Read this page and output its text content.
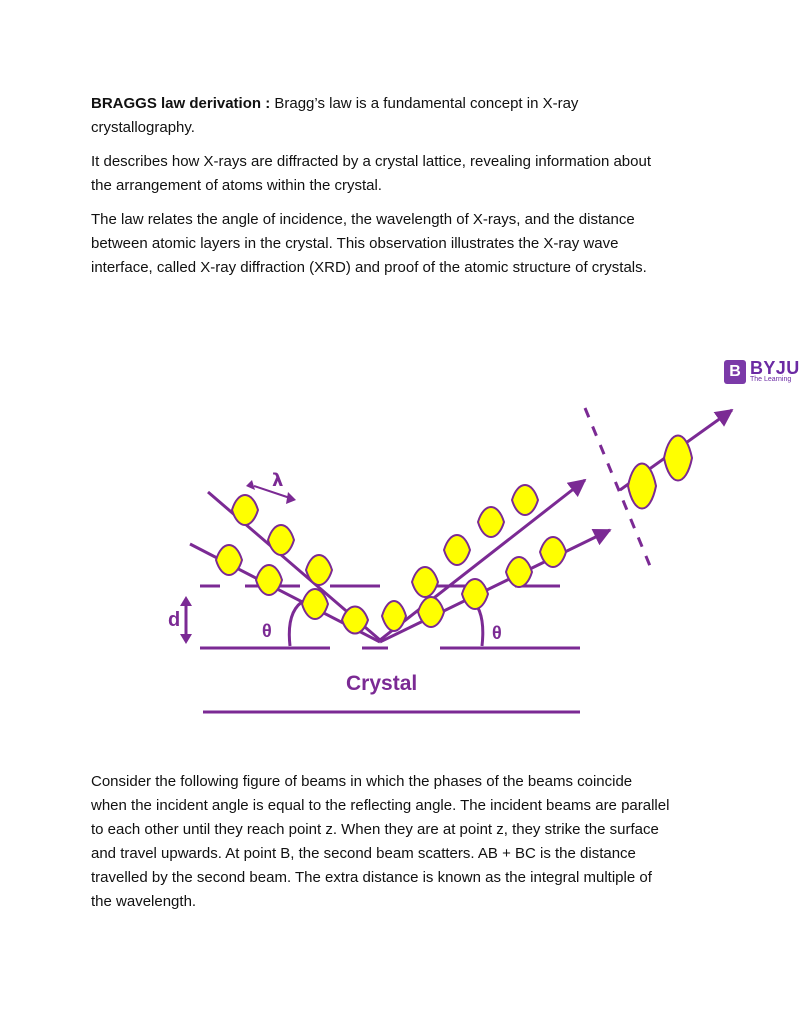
BRAGGS law derivation : Bragg’s law is a fundamental concept in X-ray crystallography.

It describes how X-rays are diffracted by a crystal lattice, revealing information about the arrangement of atoms within the crystal.

The law relates the angle of incidence, the wavelength of X-rays, and the distance between atomic layers in the crystal. This observation illustrates the X-ray wave interface, called X-ray diffraction (XRD) and proof of the atomic structure of crystals.

B BYJU
The Learning
d	θ	θ
λ
Crystal

Consider the following figure of beams in which the phases of the beams coincide when the incident angle is equal to the reflecting angle. The incident beams are parallel to each other until they reach point z. When they are at point z, they strike the surface and travel upwards. At point B, the second beam scatters. AB + BC is the distance travelled by the second beam. The extra distance is known as the integral multiple of the wavelength.
